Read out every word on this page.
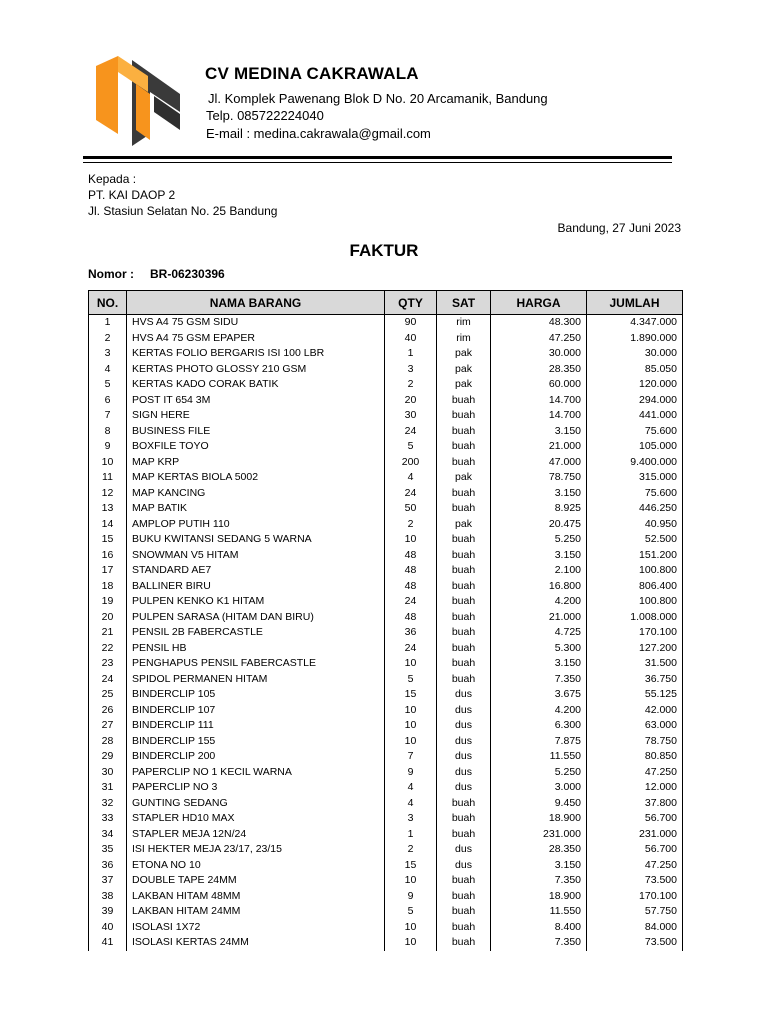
CV MEDINA CAKRAWALA
Jl. Komplek Pawenang Blok D No. 20 Arcamanik, Bandung
Telp. 085722224040
E-mail : medina.cakrawala@gmail.com
Kepada :
PT. KAI DAOP 2
Jl. Stasiun Selatan No. 25 Bandung
Bandung, 27 Juni 2023
FAKTUR
Nomor : BR-06230396
NO.	NAMA BARANG	QTY	SAT	HARGA	JUMLAH
1	HVS A4 75 GSM SIDU	90	rim	48.300	4.347.000
2	HVS A4 75 GSM EPAPER	40	rim	47.250	1.890.000
3	KERTAS FOLIO BERGARIS ISI 100 LBR	1	pak	30.000	30.000
4	KERTAS PHOTO GLOSSY 210 GSM	3	pak	28.350	85.050
5	KERTAS KADO CORAK BATIK	2	pak	60.000	120.000
6	POST IT 654 3M	20	buah	14.700	294.000
7	SIGN HERE	30	buah	14.700	441.000
8	BUSINESS FILE	24	buah	3.150	75.600
9	BOXFILE TOYO	5	buah	21.000	105.000
10	MAP KRP	200	buah	47.000	9.400.000
11	MAP KERTAS BIOLA 5002	4	pak	78.750	315.000
12	MAP KANCING	24	buah	3.150	75.600
13	MAP BATIK	50	buah	8.925	446.250
14	AMPLOP PUTIH 110	2	pak	20.475	40.950
15	BUKU KWITANSI SEDANG 5 WARNA	10	buah	5.250	52.500
16	SNOWMAN V5 HITAM	48	buah	3.150	151.200
17	STANDARD AE7	48	buah	2.100	100.800
18	BALLINER BIRU	48	buah	16.800	806.400
19	PULPEN KENKO K1 HITAM	24	buah	4.200	100.800
20	PULPEN SARASA (HITAM DAN BIRU)	48	buah	21.000	1.008.000
21	PENSIL 2B FABERCASTLE	36	buah	4.725	170.100
22	PENSIL HB	24	buah	5.300	127.200
23	PENGHAPUS PENSIL FABERCASTLE	10	buah	3.150	31.500
24	SPIDOL PERMANEN HITAM	5	buah	7.350	36.750
25	BINDERCLIP 105	15	dus	3.675	55.125
26	BINDERCLIP 107	10	dus	4.200	42.000
27	BINDERCLIP 111	10	dus	6.300	63.000
28	BINDERCLIP 155	10	dus	7.875	78.750
29	BINDERCLIP 200	7	dus	11.550	80.850
30	PAPERCLIP NO 1 KECIL WARNA	9	dus	5.250	47.250
31	PAPERCLIP NO 3	4	dus	3.000	12.000
32	GUNTING SEDANG	4	buah	9.450	37.800
33	STAPLER HD10 MAX	3	buah	18.900	56.700
34	STAPLER MEJA 12N/24	1	buah	231.000	231.000
35	ISI HEKTER MEJA 23/17, 23/15	2	dus	28.350	56.700
36	ETONA NO 10	15	dus	3.150	47.250
37	DOUBLE TAPE 24MM	10	buah	7.350	73.500
38	LAKBAN HITAM 48MM	9	buah	18.900	170.100
39	LAKBAN HITAM 24MM	5	buah	11.550	57.750
40	ISOLASI 1X72	10	buah	8.400	84.000
41	ISOLASI KERTAS 24MM	10	buah	7.350	73.500
